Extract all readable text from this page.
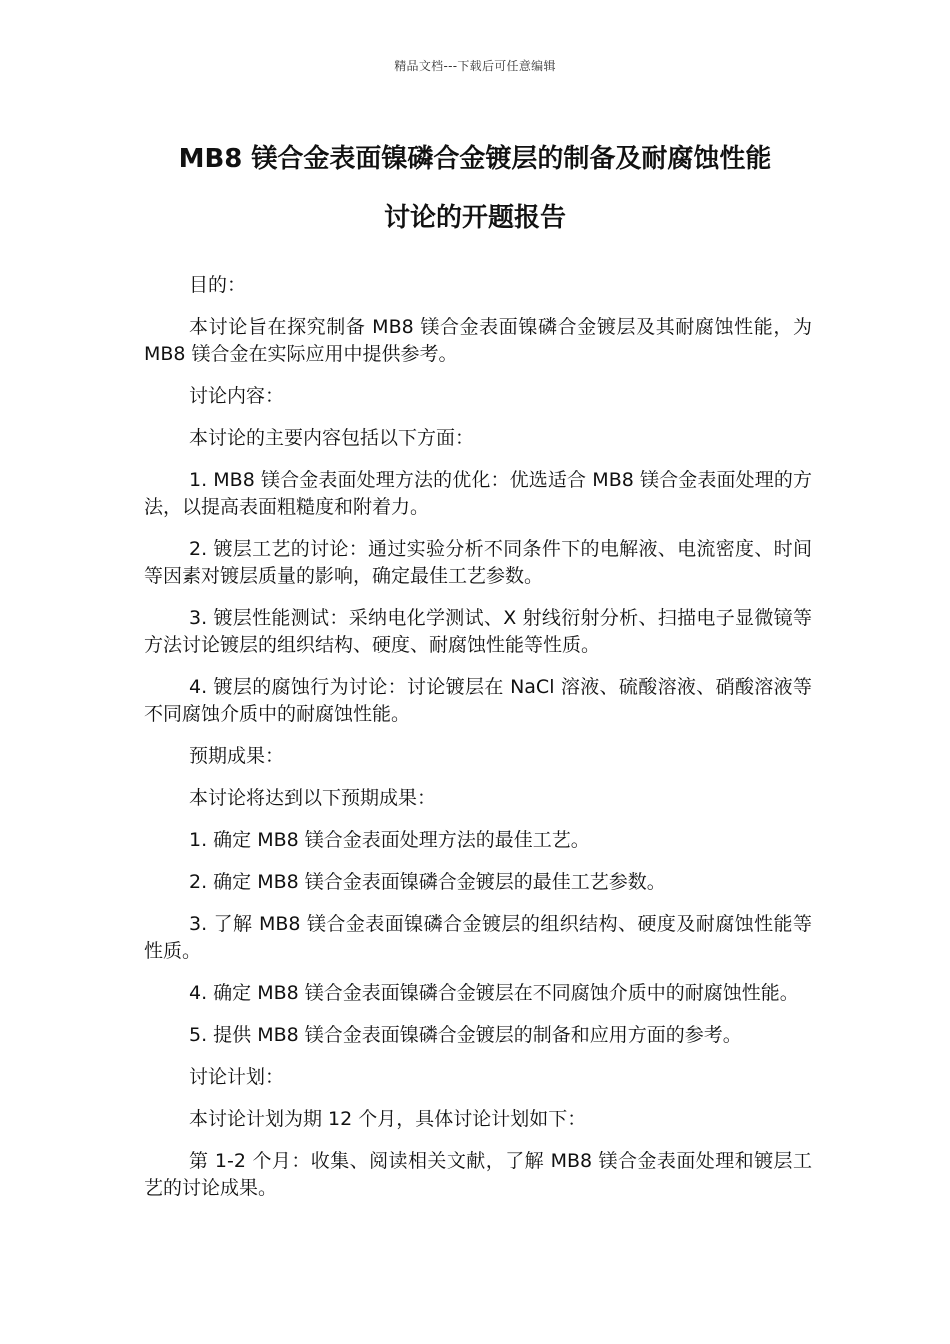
精品文档---下载后可任意编辑
MB8 镁合金表面镍磷合金镀层的制备及耐腐蚀性能
讨论的开题报告

目的：

本讨论旨在探究制备 MB8 镁合金表面镍磷合金镀层及其耐腐蚀性能，为 MB8 镁合金在实际应用中提供参考。

讨论内容：

本讨论的主要内容包括以下方面：

1. MB8 镁合金表面处理方法的优化：优选适合 MB8 镁合金表面处理的方法，以提高表面粗糙度和附着力。

2. 镀层工艺的讨论：通过实验分析不同条件下的电解液、电流密度、时间等因素对镀层质量的影响，确定最佳工艺参数。

3. 镀层性能测试：采纳电化学测试、X 射线衍射分析、扫描电子显微镜等方法讨论镀层的组织结构、硬度、耐腐蚀性能等性质。

4. 镀层的腐蚀行为讨论：讨论镀层在 NaCl 溶液、硫酸溶液、硝酸溶液等不同腐蚀介质中的耐腐蚀性能。

预期成果：

本讨论将达到以下预期成果：

1. 确定 MB8 镁合金表面处理方法的最佳工艺。

2. 确定 MB8 镁合金表面镍磷合金镀层的最佳工艺参数。

3. 了解 MB8 镁合金表面镍磷合金镀层的组织结构、硬度及耐腐蚀性能等性质。

4. 确定 MB8 镁合金表面镍磷合金镀层在不同腐蚀介质中的耐腐蚀性能。

5. 提供 MB8 镁合金表面镍磷合金镀层的制备和应用方面的参考。

讨论计划：

本讨论计划为期 12 个月，具体讨论计划如下：

第 1-2 个月：收集、阅读相关文献，了解 MB8 镁合金表面处理和镀层工艺的讨论成果。
